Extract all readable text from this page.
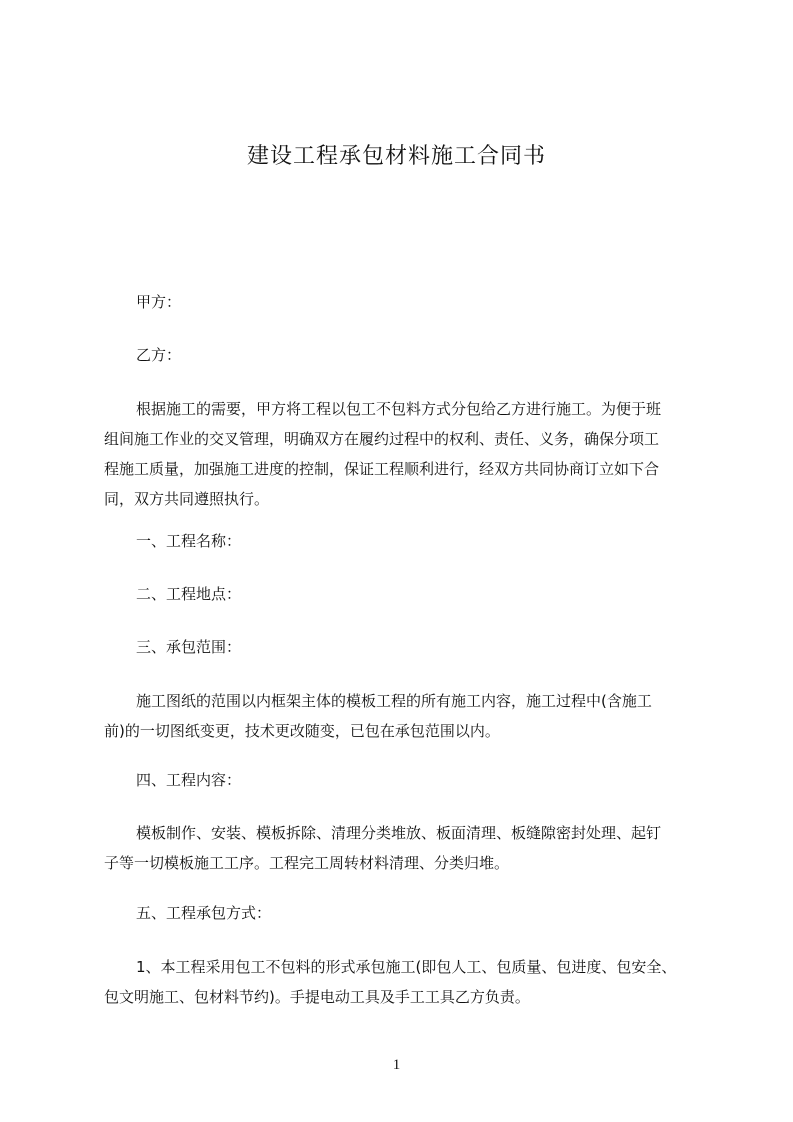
建设工程承包材料施工合同书
甲方：
乙方：
根据施工的需要，甲方将工程以包工不包料方式分包给乙方进行施工。为便于班
组间施工作业的交叉管理，明确双方在履约过程中的权利、责任、义务，确保分项工
程施工质量，加强施工进度的控制，保证工程顺利进行，经双方共同协商订立如下合
同，双方共同遵照执行。
一、工程名称：
二、工程地点：
三、承包范围：
施工图纸的范围以内框架主体的模板工程的所有施工内容，施工过程中(含施工
前)的一切图纸变更，技术更改随变，已包在承包范围以内。
四、工程内容：
模板制作、安装、模板拆除、清理分类堆放、板面清理、板缝隙密封处理、起钉
子等一切模板施工工序。工程完工周转材料清理、分类归堆。
五、工程承包方式：
1、本工程采用包工不包料的形式承包施工(即包人工、包质量、包进度、包安全、
包文明施工、包材料节约)。手提电动工具及手工工具乙方负责。
1
